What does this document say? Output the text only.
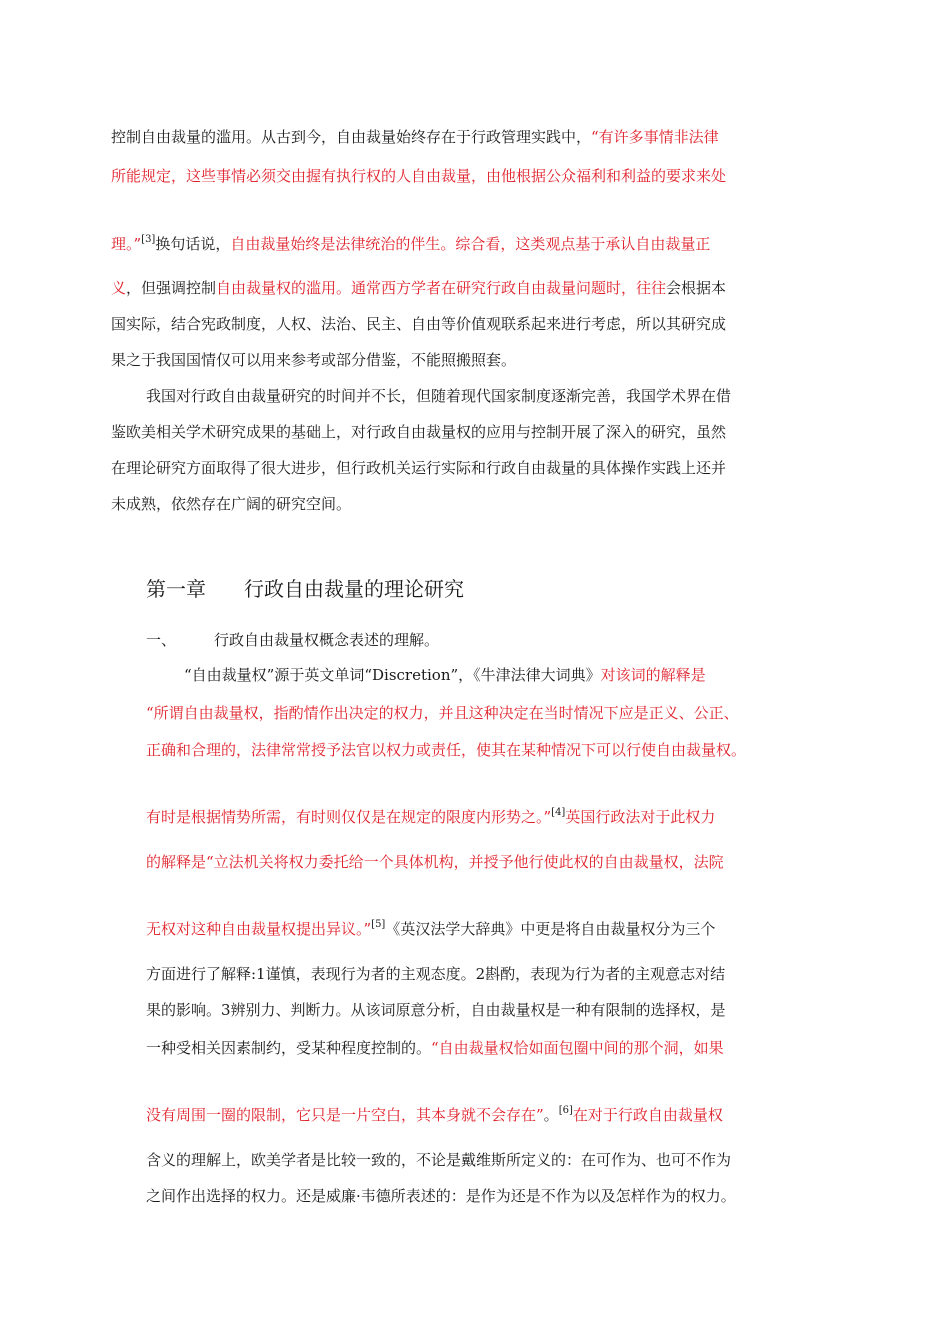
控制自由裁量的滥用。从古到今，自由裁量始终存在于行政管理实践中，“有许多事情非法律
所能规定，这些事情必须交由握有执行权的人自由裁量，由他根据公众福利和利益的要求来处
理。”[3]换句话说，自由裁量始终是法律统治的伴生。综合看，这类观点基于承认自由裁量正
义，但强调控制自由裁量权的滥用。通常西方学者在研究行政自由裁量问题时，往往会根据本
国实际，结合宪政制度，人权、法治、民主、自由等价值观联系起来进行考虑，所以其研究成
果之于我国国情仅可以用来参考或部分借鉴，不能照搬照套。
我国对行政自由裁量研究的时间并不长，但随着现代国家制度逐渐完善，我国学术界在借
鉴欧美相关学术研究成果的基础上，对行政自由裁量权的应用与控制开展了深入的研究，虽然
在理论研究方面取得了很大进步，但行政机关运行实际和行政自由裁量的具体操作实践上还并
未成熟，依然存在广阔的研究空间。
第一章 行政自由裁量的理论研究
一、	行政自由裁量权概念表述的理解。
“自由裁量权”源于英文单词“Discretion”，《牛津法律大词典》对该词的解释是
“所谓自由裁量权，指酌情作出决定的权力，并且这种决定在当时情况下应是正义、公正、
正确和合理的，法律常常授予法官以权力或责任，使其在某种情况下可以行使自由裁量权。
有时是根据情势所需，有时则仅仅是在规定的限度内形势之。”[4]英国行政法对于此权力
的解释是“立法机关将权力委托给一个具体机构，并授予他行使此权的自由裁量权，法院
无权对这种自由裁量权提出异议。”[5]《英汉法学大辞典》中更是将自由裁量权分为三个
方面进行了解释:1谨慎，表现行为者的主观态度。2斟酌，表现为行为者的主观意志对结
果的影响。3辨别力、判断力。从该词原意分析，自由裁量权是一种有限制的选择权，是
一种受相关因素制约，受某种程度控制的。“自由裁量权恰如面包圈中间的那个洞，如果
没有周围一圈的限制，它只是一片空白，其本身就不会存在”。[6]在对于行政自由裁量权
含义的理解上，欧美学者是比较一致的，不论是戴维斯所定义的：在可作为、也可不作为
之间作出选择的权力。还是威廉·韦德所表述的：是作为还是不作为以及怎样作为的权力。
